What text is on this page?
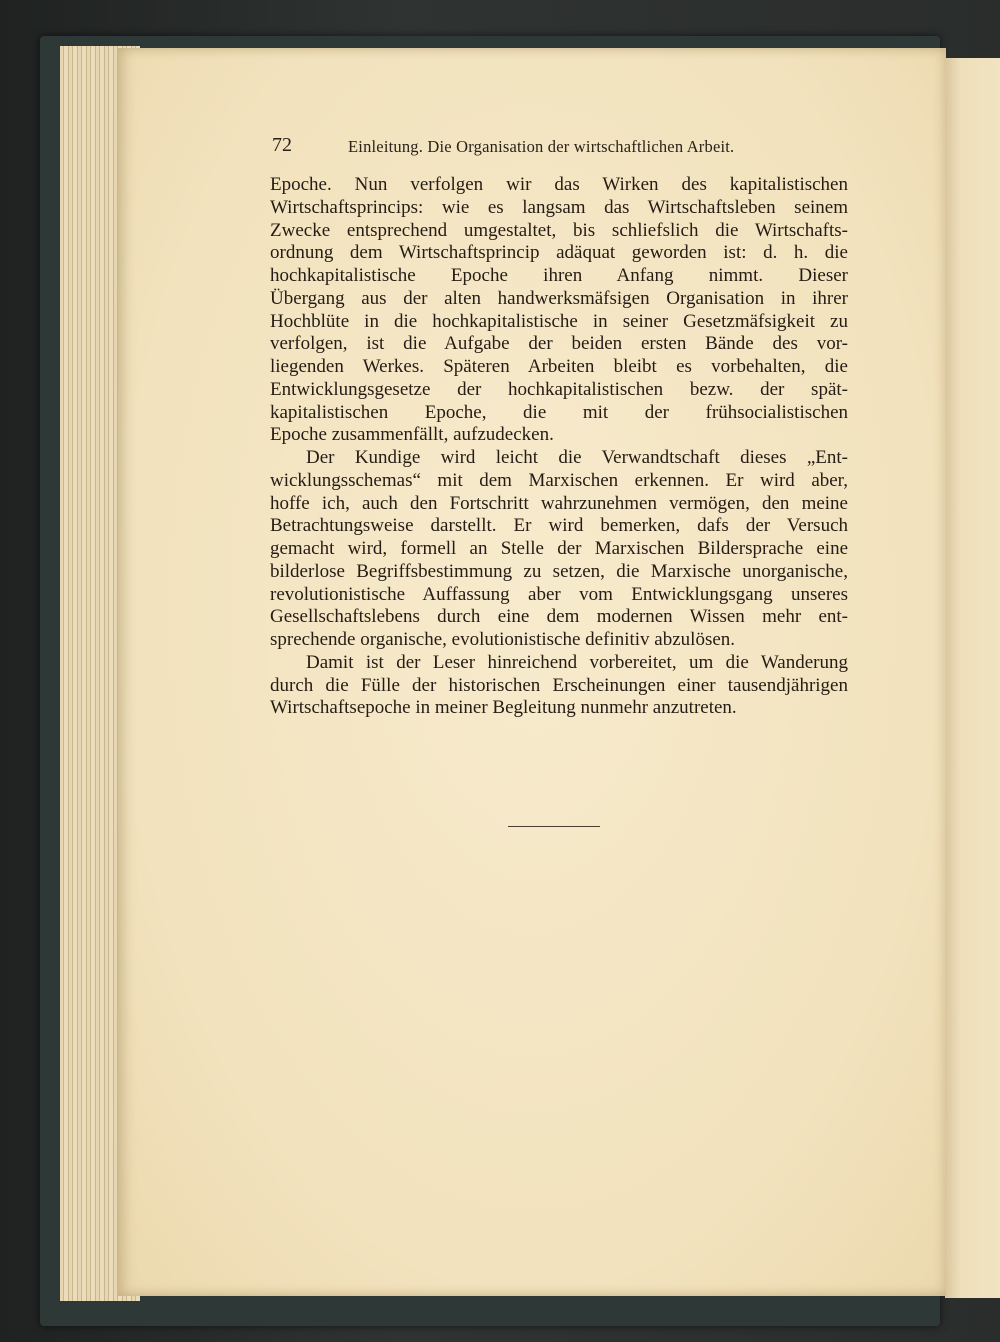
72	Einleitung. Die Organisation der wirtschaftlichen Arbeit.
Epoche. Nun verfolgen wir das Wirken des kapitalistischen
Wirtschaftsprincips: wie es langsam das Wirtschaftsleben seinem
Zwecke entsprechend umgestaltet, bis schliefslich die Wirtschafts-
ordnung dem Wirtschaftsprincip adäquat geworden ist: d. h. die
hochkapitalistische Epoche ihren Anfang nimmt. Dieser
Übergang aus der alten handwerksmäfsigen Organisation in ihrer
Hochblüte in die hochkapitalistische in seiner Gesetzmäfsigkeit zu
verfolgen, ist die Aufgabe der beiden ersten Bände des vor-
liegenden Werkes. Späteren Arbeiten bleibt es vorbehalten, die
Entwicklungsgesetze der hochkapitalistischen bezw. der spät-
kapitalistischen Epoche, die mit der frühsocialistischen
Epoche zusammenfällt, aufzudecken.
Der Kundige wird leicht die Verwandtschaft dieses „Ent-
wicklungsschemas“ mit dem Marxischen erkennen. Er wird aber,
hoffe ich, auch den Fortschritt wahrzunehmen vermögen, den meine
Betrachtungsweise darstellt. Er wird bemerken, dafs der Versuch
gemacht wird, formell an Stelle der Marxischen Bildersprache eine
bilderlose Begriffsbestimmung zu setzen, die Marxische unorganische,
revolutionistische Auffassung aber vom Entwicklungsgang unseres
Gesellschaftslebens durch eine dem modernen Wissen mehr ent-
sprechende organische, evolutionistische definitiv abzulösen.
Damit ist der Leser hinreichend vorbereitet, um die Wanderung
durch die Fülle der historischen Erscheinungen einer tausendjährigen
Wirtschaftsepoche in meiner Begleitung nunmehr anzutreten.
